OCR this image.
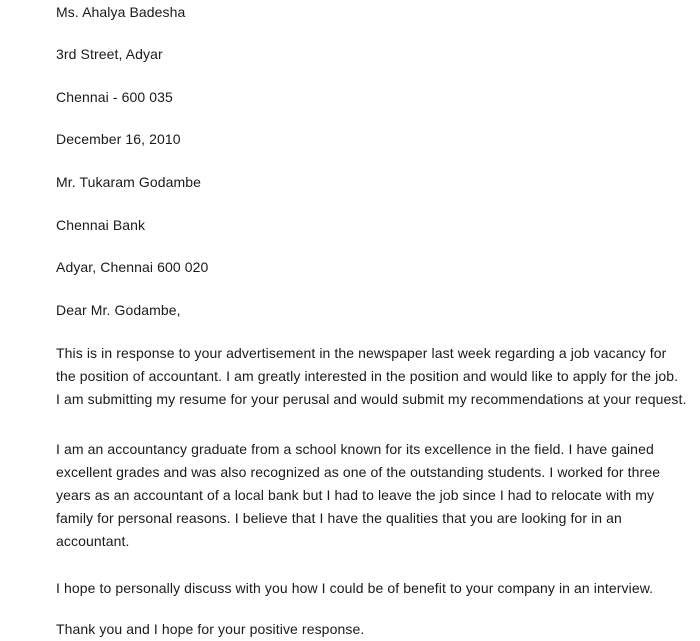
Ms. Ahalya Badesha
3rd Street, Adyar
Chennai - 600 035
December 16, 2010
Mr. Tukaram Godambe
Chennai Bank
Adyar, Chennai 600 020
Dear Mr. Godambe,
This is in response to your advertisement in the newspaper last week regarding a job vacancy for
the position of accountant. I am greatly interested in the position and would like to apply for the job.
I am submitting my resume for your perusal and would submit my recommendations at your request.
I am an accountancy graduate from a school known for its excellence in the field. I have gained
excellent grades and was also recognized as one of the outstanding students. I worked for three
years as an accountant of a local bank but I had to leave the job since I had to relocate with my
family for personal reasons. I believe that I have the qualities that you are looking for in an
accountant.
I hope to personally discuss with you how I could be of benefit to your company in an interview.
Thank you and I hope for your positive response.
